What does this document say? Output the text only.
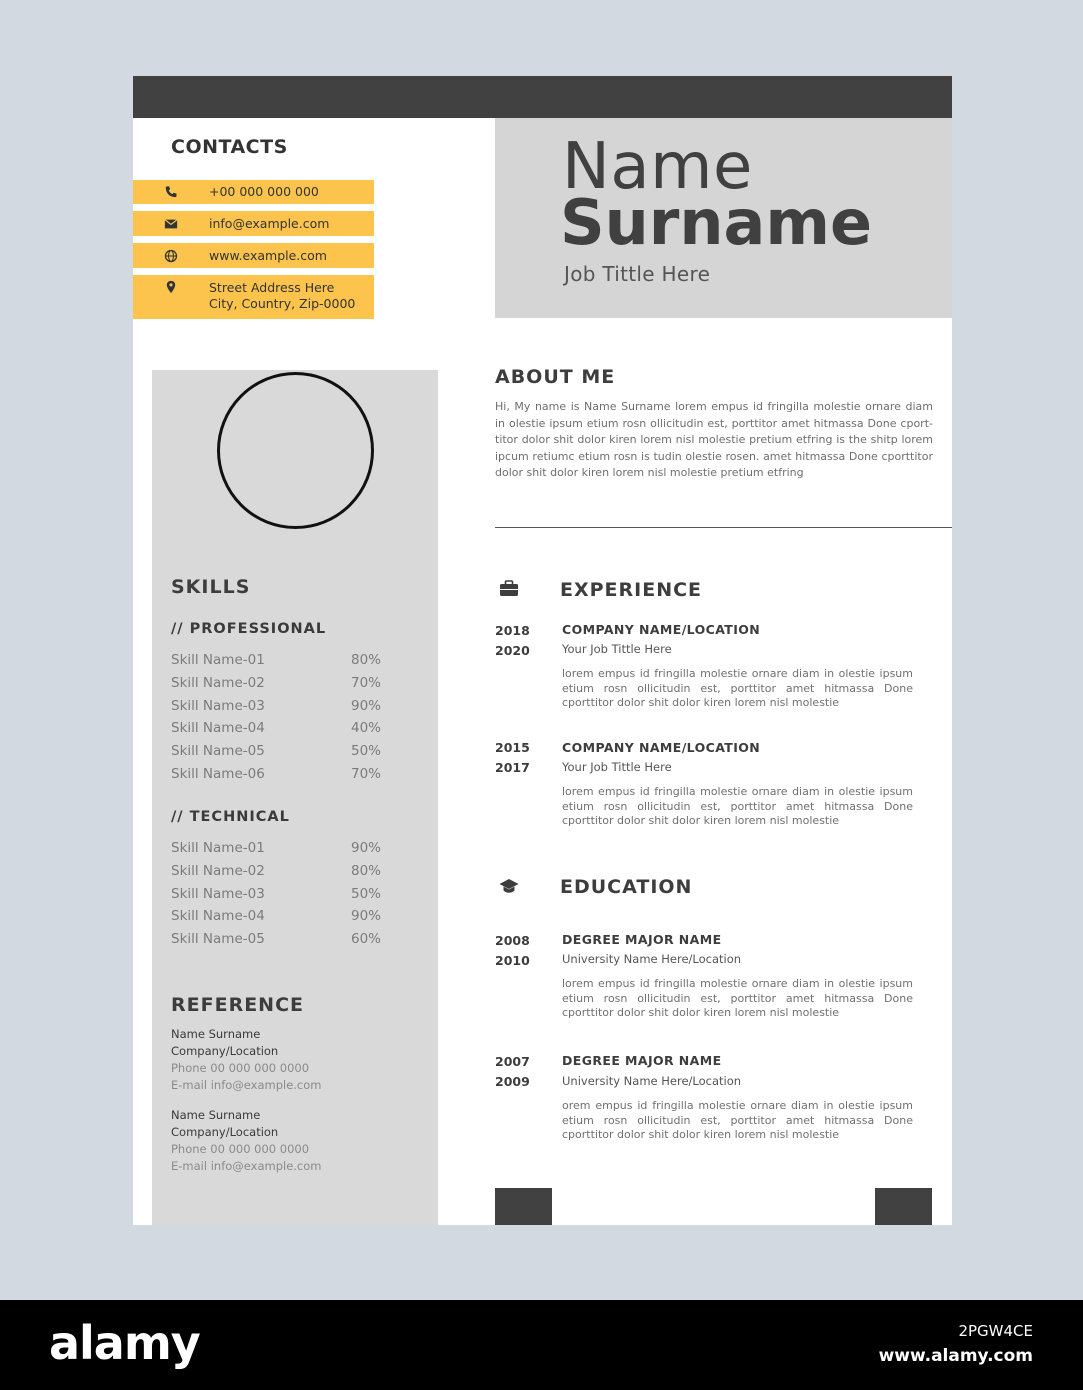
CONTACTS
+00 000 000 000
info@example.com
www.example.com
Street Address Here
City, Country, Zip-0000
Name
Surname
Job Tittle Here
SKILLS
// PROFESSIONAL
Skill Name-01	80%
Skill Name-02	70%
Skill Name-03	90%
Skill Name-04	40%
Skill Name-05	50%
Skill Name-06	70%
// TECHNICAL
Skill Name-01	90%
Skill Name-02	80%
Skill Name-03	50%
Skill Name-04	90%
Skill Name-05	60%
REFERENCE
Name Surname
Company/Location
Phone 00 000 000 0000
E-mail info@example.com
Name Surname
Company/Location
Phone 00 000 000 0000
E-mail info@example.com
ABOUT ME
Hi, My name is Name Surname lorem empus id fringilla molestie ornare diam in olestie ipsum etium rosn ollicitudin est, porttitor amet hitmassa Done cport-titor dolor shit dolor kiren lorem nisl molestie pretium etfring is the shitp lorem ipcum retiumc etium rosn is tudin olestie rosen. amet hitmassa Done cporttitor dolor shit dolor kiren lorem nisl molestie pretium etfring
EXPERIENCE
2018
2020
COMPANY NAME/LOCATION
Your Job Tittle Here
lorem empus id fringilla molestie ornare diam in olestie ipsum etium rosn ollicitudin est, porttitor amet hitmassa Done cporttitor dolor shit dolor kiren lorem nisl molestie
2015
2017
COMPANY NAME/LOCATION
Your Job Tittle Here
lorem empus id fringilla molestie ornare diam in olestie ipsum etium rosn ollicitudin est, porttitor amet hitmassa Done cporttitor dolor shit dolor kiren lorem nisl molestie
EDUCATION
2008
2010
DEGREE MAJOR NAME
University Name Here/Location
lorem empus id fringilla molestie ornare diam in olestie ipsum etium rosn ollicitudin est, porttitor amet hitmassa Done cporttitor dolor shit dolor kiren lorem nisl molestie
2007
2009
DEGREE MAJOR NAME
University Name Here/Location
orem empus id fringilla molestie ornare diam in olestie ipsum etium rosn ollicitudin est, porttitor amet hitmassa Done cporttitor dolor shit dolor kiren lorem nisl molestie
alamy	2PGW4CE
www.alamy.com
